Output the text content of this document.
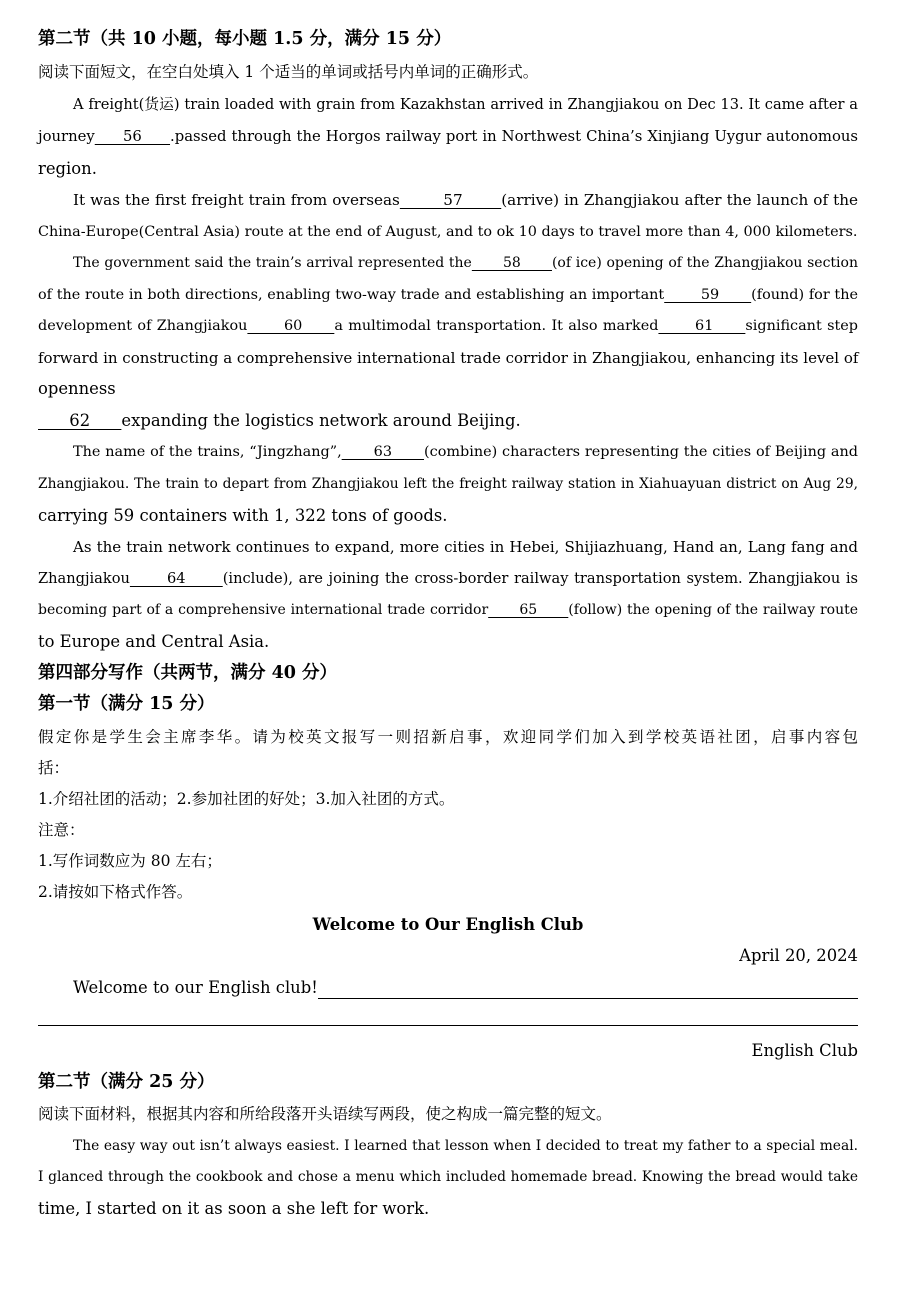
第二节（共 10 小题，每小题 1.5 分，满分 15 分）
阅读下面短文，在空白处填入 1 个适当的单词或括号内单词的正确形式。
A freight(货运) train loaded with grain from Kazakhstan arrived in Zhangjiakou on Dec 13. It came after a
journey      56      .passed through the Horgos railway port in Northwest China’s Xinjiang Uygur autonomous
region.
It was the first freight train from overseas         57        (arrive) in Zhangjiakou after the launch of the
China-Europe(Central Asia) route at the end of August, and to ok 10 days to travel more than 4, 000 kilometers.
The government said the train’s arrival represented the       58       (of ice) opening of the Zhangjiakou section
of the route in both directions, enabling two-way trade and establishing an important        59       (found) for the
development of Zhangjiakou        60       a multimodal transportation. It also marked        61       significant step
forward in constructing a comprehensive international trade corridor in Zhangjiakou, enhancing its level of
openness
62      expanding the logistics network around Beijing.
The name of the trains, “Jingzhang”,       63       (combine) characters representing the cities of Beijing and
Zhangjiakou. The train to depart from Zhangjiakou left the freight railway station in Xiahuayuan district on Aug 29,
carrying 59 containers with 1, 322 tons of goods.
As the train network continues to expand, more cities in Hebei, Shijiazhuang, Hand an, Lang fang and
Zhangjiakou        64        (include), are joining the cross-border railway transportation system. Zhangjiakou is
becoming part of a comprehensive international trade corridor       65       (follow) the opening of the railway route
to Europe and Central Asia.
第四部分写作（共两节，满分 40 分）
第一节（满分 15 分）
假定你是学生会主席李华。请为校英文报写一则招新启事，欢迎同学们加入到学校英语社团，启事内容包
括：
1.介绍社团的活动；2.参加社团的好处；3.加入社团的方式。
注意：
1.写作词数应为 80 左右；
2.请按如下格式作答。
Welcome to Our English Club
April 20, 2024
Welcome to our English club!
English Club
第二节（满分 25 分）
阅读下面材料，根据其内容和所给段落开头语续写两段，使之构成一篇完整的短文。
The easy way out isn’t always easiest. I learned that lesson when I decided to treat my father to a special meal.
I glanced through the cookbook and chose a menu which included homemade bread. Knowing the bread would take
time, I started on it as soon a she left for work.
